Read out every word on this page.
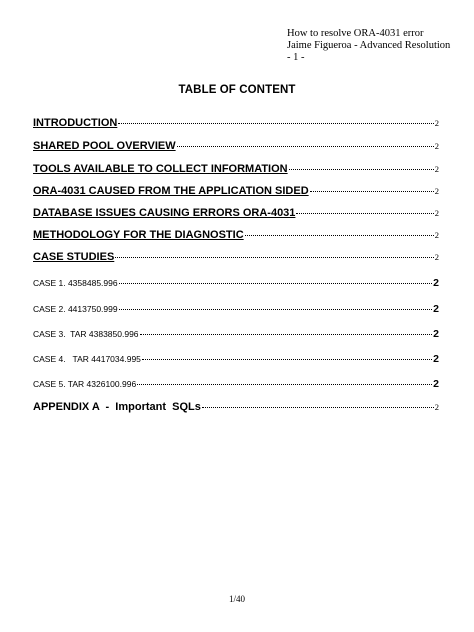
How to resolve ORA-4031 error
Jaime Figueroa - Advanced Resolution
- 1 -
TABLE OF CONTENT
INTRODUCTION	2
SHARED POOL OVERVIEW	2
TOOLS AVAILABLE TO COLLECT INFORMATION	2
ORA-4031 CAUSED FROM THE APPLICATION SIDED	2
DATABASE ISSUES CAUSING ERRORS ORA-4031	2
METHODOLOGY FOR THE DIAGNOSTIC	2
CASE STUDIES	2
CASE 1. 4358485.996	2
CASE 2. 4413750.999	2
CASE 3.  TAR 4383850.996	2
CASE 4.   TAR 4417034.995	2
CASE 5. TAR 4326100.996	2
APPENDIX A  -  Important  SQLs	2
1/40
